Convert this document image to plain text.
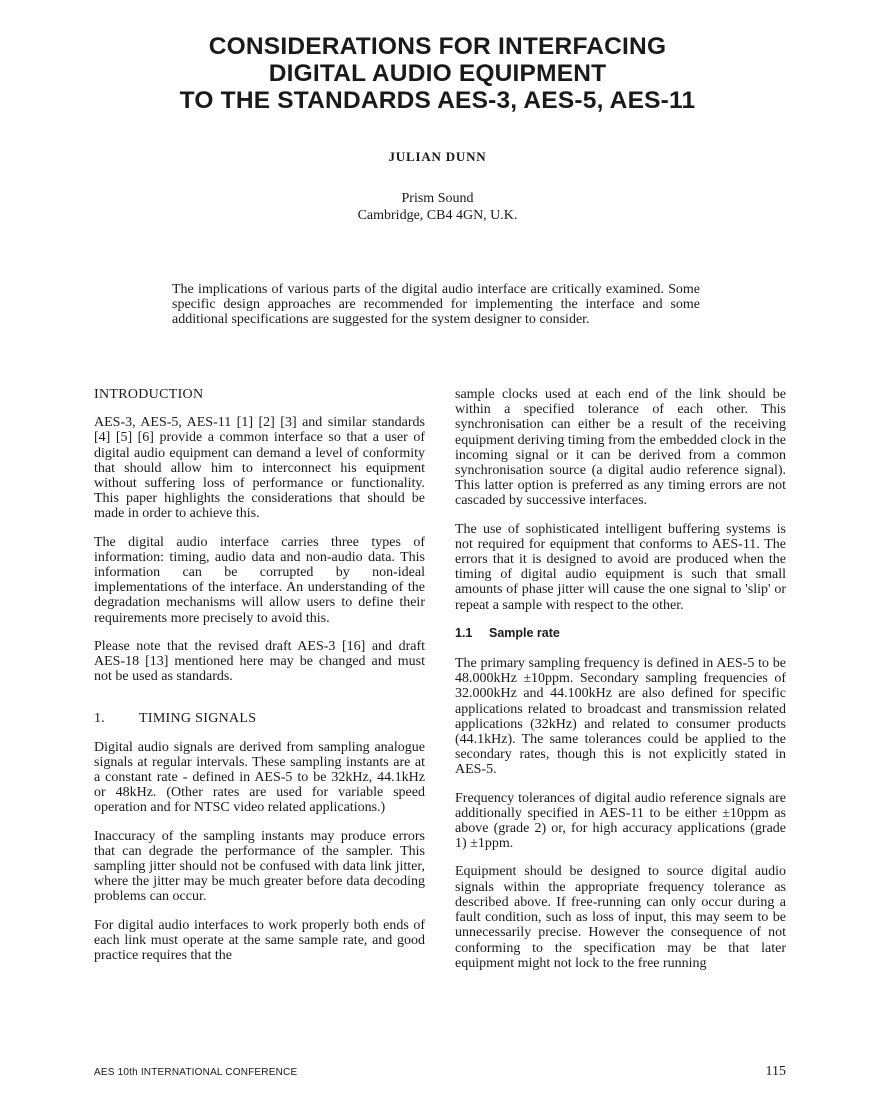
CONSIDERATIONS FOR INTERFACING
DIGITAL AUDIO EQUIPMENT
TO THE STANDARDS AES-3, AES-5, AES-11
JULIAN DUNN
Prism Sound
Cambridge, CB4 4GN, U.K.

The implications of various parts of the digital audio interface are critically examined. Some specific design approaches are recommended for implementing the interface and some additional specifications are suggested for the system designer to consider.

INTRODUCTION

AES-3, AES-5, AES-11 [1] [2] [3] and similar standards [4] [5] [6] provide a common interface so that a user of digital audio equipment can demand a level of conformity that should allow him to interconnect his equipment without suffering loss of performance or functionality. This paper highlights the considerations that should be made in order to achieve this.

The digital audio interface carries three types of information: timing, audio data and non-audio data. This information can be corrupted by non-ideal implementations of the interface. An understanding of the degradation mechanisms will allow users to define their requirements more precisely to avoid this.

Please note that the revised draft AES-3 [16] and draft AES-18 [13] mentioned here may be changed and must not be used as standards.

1. TIMING SIGNALS

Digital audio signals are derived from sampling analogue signals at regular intervals. These sampling instants are at a constant rate - defined in AES-5 to be 32kHz, 44.1kHz or 48kHz. (Other rates are used for variable speed operation and for NTSC video related applications.)

Inaccuracy of the sampling instants may produce errors that can degrade the performance of the sampler. This sampling jitter should not be confused with data link jitter, where the jitter may be much greater before data decoding problems can occur.

For digital audio interfaces to work properly both ends of each link must operate at the same sample rate, and good practice requires that the

sample clocks used at each end of the link should be within a specified tolerance of each other. This synchronisation can either be a result of the receiving equipment deriving timing from the embedded clock in the incoming signal or it can be derived from a common synchronisation source (a digital audio reference signal). This latter option is preferred as any timing errors are not cascaded by successive interfaces.

The use of sophisticated intelligent buffering systems is not required for equipment that conforms to AES-11. The errors that it is designed to avoid are produced when the timing of digital audio equipment is such that small amounts of phase jitter will cause the one signal to 'slip' or repeat a sample with respect to the other.

1.1 Sample rate

The primary sampling frequency is defined in AES-5 to be 48.000kHz ±10ppm. Secondary sampling frequencies of 32.000kHz and 44.100kHz are also defined for specific applications related to broadcast and transmission related applications (32kHz) and related to consumer products (44.1kHz). The same tolerances could be applied to the secondary rates, though this is not explicitly stated in AES-5.

Frequency tolerances of digital audio reference signals are additionally specified in AES-11 to be either ±10ppm as above (grade 2) or, for high accuracy applications (grade 1) ±1ppm.

Equipment should be designed to source digital audio signals within the appropriate frequency tolerance as described above. If free-running can only occur during a fault condition, such as loss of input, this may seem to be unnecessarily precise. However the consequence of not conforming to the specification may be that later equipment might not lock to the free running

AES 10th INTERNATIONAL CONFERENCE	115
